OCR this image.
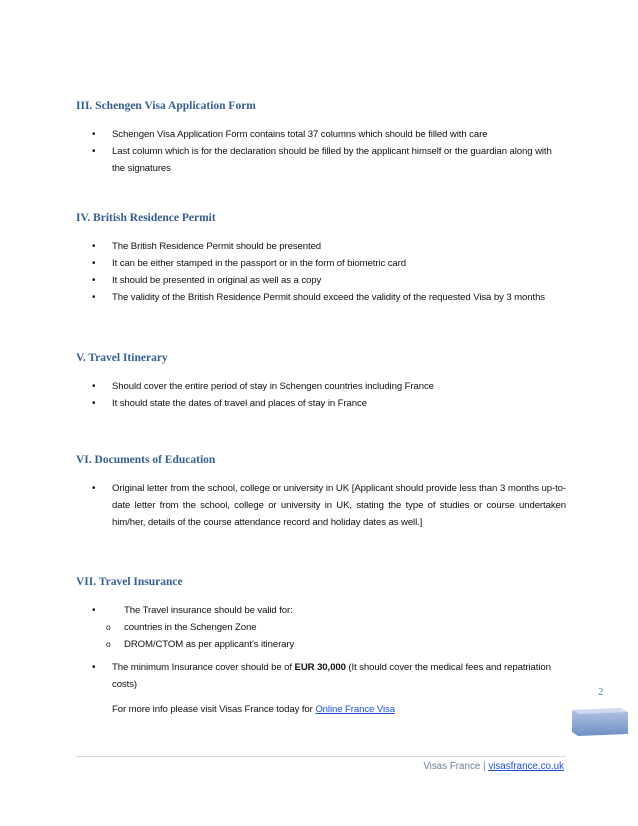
III. Schengen Visa Application Form
• Schengen Visa Application Form contains total 37 columns which should be filled with care
• Last column which is for the declaration should be filled by the applicant himself or the guardian along with the signatures
IV. British Residence Permit
• The British Residence Permit should be presented
• It can be either stamped in the passport or in the form of biometric card
• It should be presented in original as well as a copy
• The validity of the British Residence Permit should exceed the validity of the requested Visa by 3 months
V. Travel Itinerary
• Should cover the entire period of stay in Schengen countries including France
• It should state the dates of travel and places of stay in France
VI. Documents of Education
• Original letter from the school, college or university in UK [Applicant should provide less than 3 months up-to-date letter from the school, college or university in UK, stating the type of studies or course undertaken him/her, details of the course attendance record and holiday dates as well.]
VII. Travel Insurance
• The Travel insurance should be valid for:
o countries in the Schengen Zone
o DROM/CTOM as per applicant’s itinerary
• The minimum Insurance cover should be of EUR 30,000 (It should cover the medical fees and repatriation costs)
For more info please visit Visas France today for Online France Visa
2
Visas France | visasfrance.co.uk
